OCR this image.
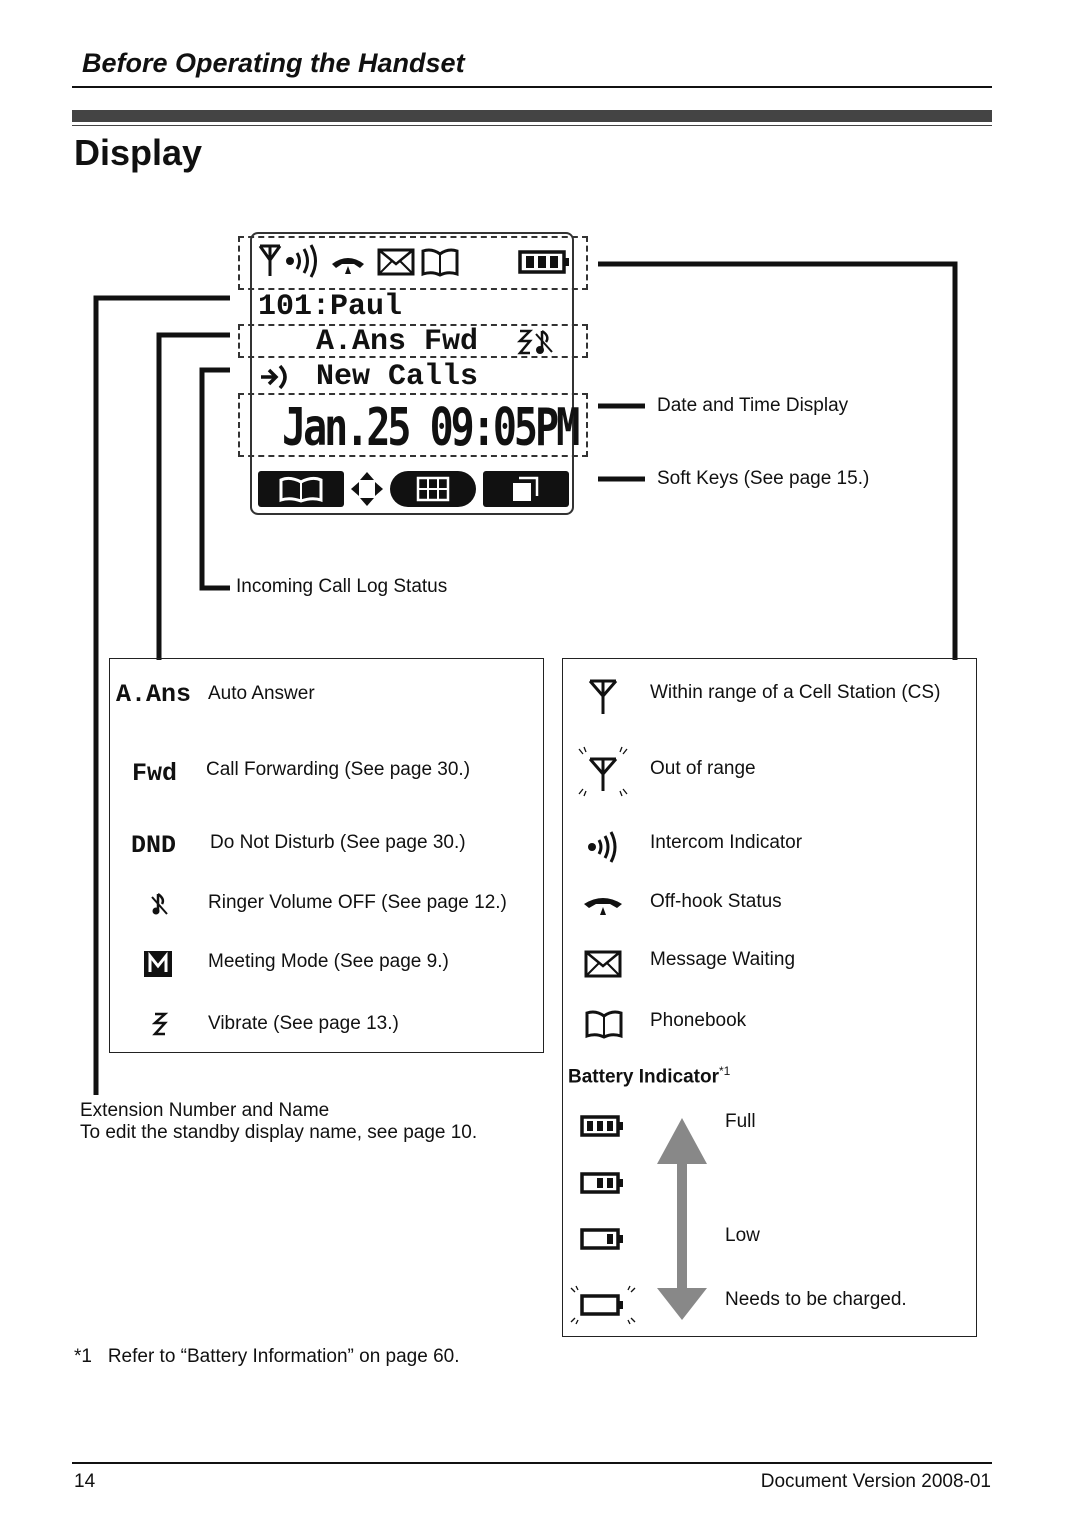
Before Operating the Handset
Display
101:Paul
A.Ans Fwd
New Calls
Jan.25 09:05PM	Date and Time Display
Soft Keys (See page 15.)
Incoming Call Log Status
Extension Number and Name
To edit the standby display name, see page 10.
A.Ans Auto Answer
Fwd Call Forwarding (See page 30.)
DND Do Not Disturb (See page 30.)
Ringer Volume OFF (See page 12.)
Meeting Mode (See page 9.)
Vibrate (See page 13.)
Within range of a Cell Station (CS)
Out of range
Intercom Indicator
Off-hook Status
Message Waiting
Phonebook
Battery Indicator$^{*1}$
Full
Low
Needs to be charged.
*1 Refer to “Battery Information” on page 60.
14	Document Version 2008-01
